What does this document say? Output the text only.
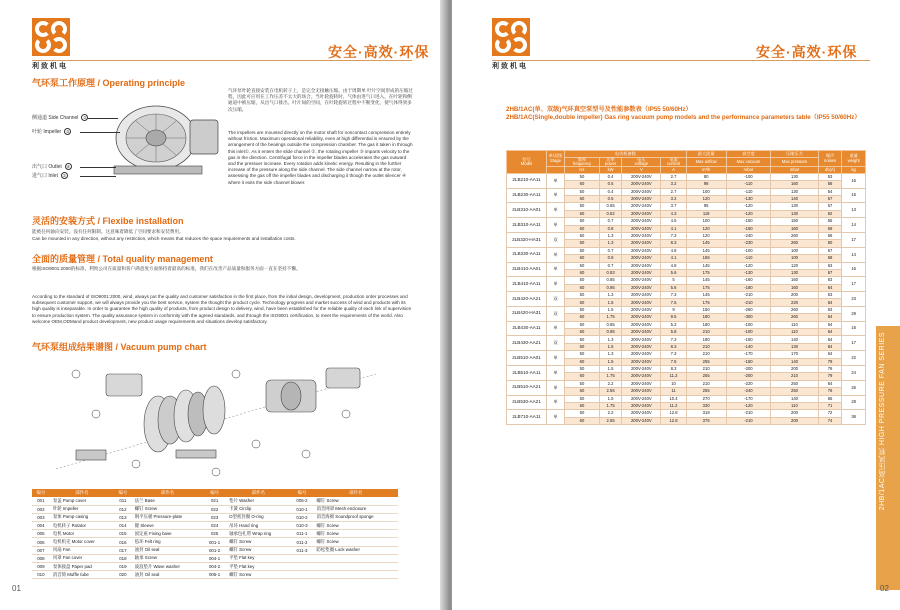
利致机电
安全·高效·环保
气环泵工作原理 / Operating principle
侧通道 Side Channel ②
叶轮 Impeller ③
出气口 Outlet ④
进气口 Inlet ①
气环泵叶轮直接安装在电机转子上，是完全无接触压缩。由于周期单 叶片空间形成的压缩过程，因此可应用在工作压差不太大的场合。当叶轮旋转时，气体由进气口进入，在叶轮和侧通道中被压缩，从出气口排出。叶片间的空间，在叶轮旋转过程中不断变化，使气体得到多次压缩。
The impellers are mounted directly on the motor shaft for noncontact compression entirely without friction. Maximum operational reliability, even at high differential is ensured by the arrangement of the bearings outside the compression chamber. The gas it taken in through this inlet①. As it enters the slide channel ②, the rotating impeller ③ imparts velocity to the gas in the direction. Centrifugal force in the impeller blades accelerates the gas outward and the pressuer increase. Every rotation adds kinetic energy. Resulting in the further increase of the pressure along the side channel. The side channel narrow at the rotor, assessing the gas off the impeller blades and discharging it though the outlet silencer ④ where it exits the side channel blower.
灵活的安装方式 / Flexibe installation
能被任何轴向安装。没有任何限制。这意味着降低了空间要求和安装费用。
Can be mounted in any direction, without any restriction, which means that reduces the space requirements and installation costs.
全面的质量管理 / Total quality management
根据ISO9001:2000的标准，利致公司在质量和客户满意度方面保持着最高的标准，我们在改善产品质量和服务方面一直在坚持不懈。
According to the standard of ISO9001:2000, wind, always put the quality and customer satisfaction in the first place, from the initial design, development, production order processes and subsequent customer support, we will always provide you the best service, system the thought the product cycle. Technology progress and market success of wind and products with its high quality is inseparable. In order to guarantee the high quality of products, from product design to delivery, wind, have been established for the reliable quality of each link of supervision to ensure production system. The quality assurance system in conformity with the agreed standards, and through the ISO9001 certification, to meet the requirements of the world. Also welcome OEM,ODMand product development, new product usage requirements and situations develop satisfactory.
气环泵组成结果谱图 / Vacuum pump chart
编号	部件名	编号	部件名	编号	部件名	编号	部件名
001	泵盖 Pump cover	011	法兰 Base	021	垫片 Washer	005-2	螺钉 Screw
002	叶轮 Impeller	012	螺钉 Screw	022	卡簧 Circlip	010-1	消音网罩 Mesh enclosure
003	泵体 Pump casing	013	钢平压板 Pressure-plate	023	O型密封圈 O-ring	010-2	消音海绵 Soundproof sponge
004	电机转子 Rotator	014	键 Sleeve	024	吊环 Hand ring	010-3	螺钉 Screw
005	电机 Motor	015	固定座 Fixing base	025	轴承包扎带 Wrap ring	011-1	螺钉 Screw
006	电机机壳 Motor cover	016	毡环 Felt ring	001-1	螺钉 Screw	011-2	螺钉 Screw
007	风扇 Fan	017	油封 Oil seal	001-2	螺钉 Screw	011-3	防松垫圈 Lock washer
008	风罩 Fan cover	018	轴承 Screw	004-1	平垫 Flat key		
009	泵体接盘 Paper pad	019	波浪垫片 Wave washer	004-2	平垫 Flat key		
010	消音筒 Muffle tube	020	油封 Oil seal	005-1	螺钉 Screw		
01
利致机电
安全·高效·环保
2HB/1AC(单、双级)气环真空泵型号及性能参数表（IP55 50/60Hz）
2HB/1AC(Single,double impeller) Gas ring vacuum pump models and the performance parameters table（IP55 50/60Hz）
型号
Model	单/双级
Stage	电动机参数				最大流量	真空度	压缩压力	噪声
noises	重量
weight
		频率
frequency	功率
power	电压
voltage	电流
current	Max airflow	Max vacuum	Max pressure		
		Hz	kW	V	A	m³/h	mbar	mbar	db(A)	kg
2LB210-AA11	单	50	0.4	200V-240V	2.7	80	-100	130	53	16
		60	0.5	200V-240V	3.2	98	-110	160	56	
2LB230-AA11	单	50	0.4	200V-240V	2.7	100	-110	130	54	16
		60	0.5	200V-240V	3.2	120	-130	140	57	
2LB310-AA01	单	50	0.55	200V-240V	3.7	95	-120	130	57	13
		60	0.62	200V-240V	4.3	119	-120	130	62	
2LB310-AA11	单	50	0.7	200V-240V	4.5	100	-150	150	55	14
		60	0.8	200V-240V	4.1	120	-150	160	59	
2LB320-HA31	双	50	1.3	200V-240V	7.3	120	-240	260	56	17
		60	1.3	200V-240V	8.3	145	-230	260	60	
2LB330-AA11	单	50	0.7	200V-240V	4.8	145	-100	100	57	14
		60	0.8	200V-240V	4.1	165	-110	100	58	
2LB410-AA01	单	50	0.7	200V-240V	4.8	145	-120	120	63	16
		60	0.83	200V-240V	5.6	175	-130	130	67	
2LB410-AA11	单	50	0.85	200V-240V	5	145	-160	160	63	17
		60	0.95	200V-240V	5.6	175	-180	160	64	
2LB420-AA21	双	50	1.3	200V-240V	7.3	145	-210	200	63	23
		60	1.5	200V-240V	7.5	175	-210	220	64	
2LB420-HA31	双	50	1.5	200V-240V	9	150	-260	260	63	29
		60	1.75	200V-240V	9.5	180	-300	260	64	
2LB430-AA11	单	50	0.85	200V-240V	5.2	180	-100	110	64	16
		60	0.95	200V-240V	5.8	210	-100	110	64	
2LB430-AA21	双	50	1.3	200V-240V	7.3	180	-150	140	64	17
		60	1.5	200V-240V	8.3	210	-140	130	64	
2LB510-AA01	单	50	1.3	200V-240V	7.3	210	-170	170	64	22
		60	1.5	200V-240V	7.5	255	-150	140	79	
2LB510-AA11	单	50	1.5	200V-240V	8.3	210	-200	200	76	24
		60	1.75	200V-240V	11.2	255	-200	210	79	
2LB510-AA21	单	50	2.2	200V-240V	10	210	-220	250	64	26
		60	2.55	200V-240V	11	255	-240	250	76	
2LB530-AA21	单	50	1.5	200V-240V	10.4	270	-170	140	65	28
		60	1.75	200V-240V	11.2	330	-120	110	71	
2LB710-AA11	单	50	2.2	200V-240V	12.8	318	-210	200	72	36
		60	2.55	200V-240V	12.8	376	-210	200	74		2HB/1AC高压风机 HIGH PRESSURE FAN SERIES
02
